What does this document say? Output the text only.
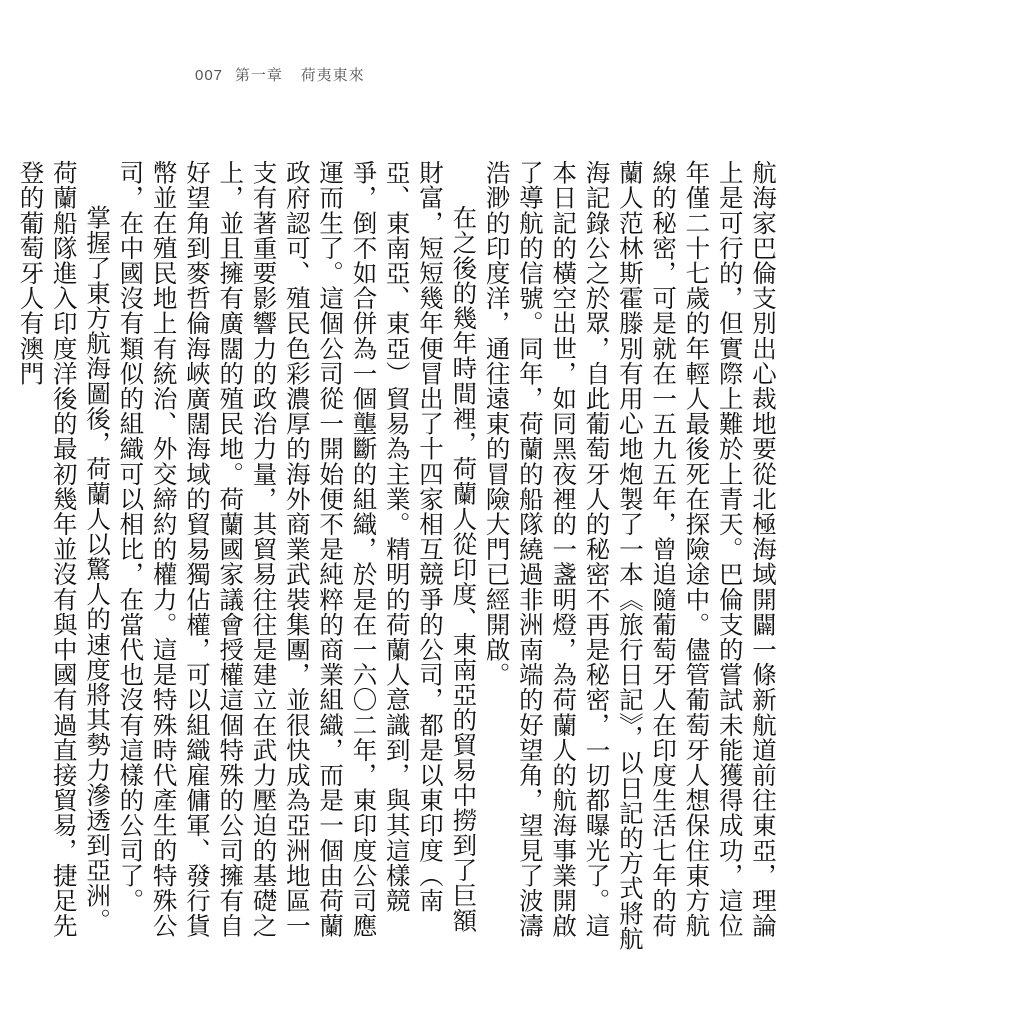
007 第一章 荷夷東來

航海家巴倫支別出心裁地要從北極海域開闢一條新航道前往東亞，理論上是可行的，但實際上難於上青天。巴倫支的嘗試未能獲得成功，這位年僅二十七歲的年輕人最後死在探險途中。儘管葡萄牙人想保住東方航線的秘密，可是就在一五九五年，曾追隨葡萄牙人在印度生活七年的荷蘭人范林斯霍滕別有用心地炮製了一本《旅行日記》，以日記的方式將航海記錄公之於眾，自此葡萄牙人的秘密不再是秘密，一切都曝光了。這本日記的橫空出世，如同黑夜裡的一盞明燈，為荷蘭人的航海事業開啟了導航的信號。同年，荷蘭的船隊繞過非洲南端的好望角，望見了波濤浩渺的印度洋，通往遠東的冒險大門已經開啟。

在之後的幾年時間裡，荷蘭人從印度、東南亞的貿易中撈到了巨額財富，短短幾年便冒出了十四家相互競爭的公司，都是以東印度（南亞、東南亞、東亞）貿易為主業。精明的荷蘭人意識到，與其這樣競爭，倒不如合併為一個壟斷的組織，於是在一六〇二年，東印度公司應運而生了。這個公司從一開始便不是純粹的商業組織，而是一個由荷蘭政府認可、殖民色彩濃厚的海外商業武裝集團，並很快成為亞洲地區一支有著重要影響力的政治力量，其貿易往往是建立在武力壓迫的基礎之上，並且擁有廣闊的殖民地。荷蘭國家議會授權這個特殊的公司擁有自好望角到麥哲倫海峽廣闊海域的貿易獨佔權，可以組織雇傭軍、發行貨幣並在殖民地上有統治、外交締約的權力。這是特殊時代產生的特殊公司，在中國沒有類似的組織可以相比，在當代也沒有這樣的公司了。

掌握了東方航海圖後，荷蘭人以驚人的速度將其勢力滲透到亞洲。

荷蘭船隊進入印度洋後的最初幾年並沒有與中國有過直接貿易，捷足先登的葡萄牙人有澳門
